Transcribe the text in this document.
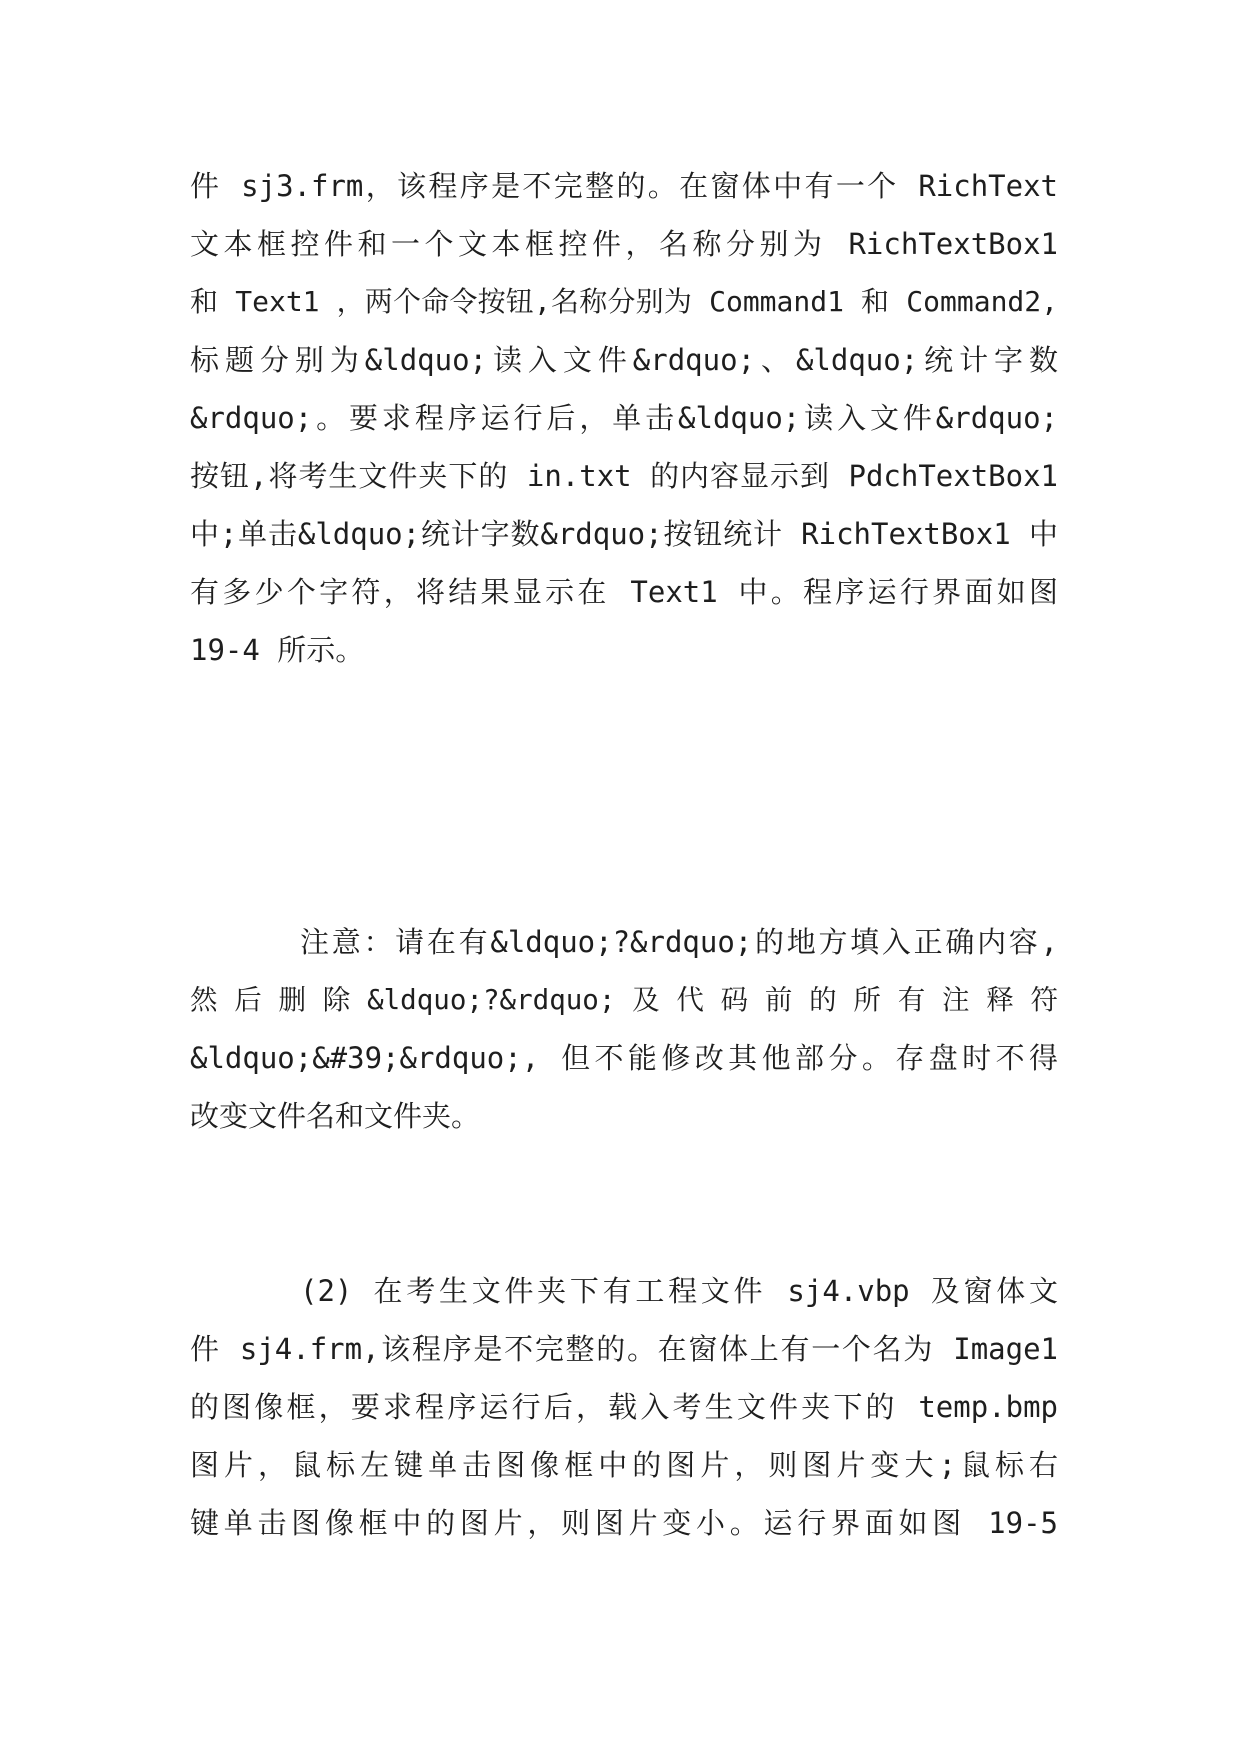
件 sj3.frm，该程序是不完整的。在窗体中有一个 RichText
文本框控件和一个文本框控件，名称分别为 RichTextBox1
和 Text1 ，两个命令按钮,名称分别为 Command1 和 Command2,
标题分别为&ldquo;读入文件&rdquo;、&ldquo;统计字数
&rdquo;。要求程序运行后，单击&ldquo;读入文件&rdquo;
按钮,将考生文件夹下的 in.txt 的内容显示到 PdchTextBox1
中;单击&ldquo;统计字数&rdquo;按钮统计 RichTextBox1 中
有多少个字符，将结果显示在 Text1 中。程序运行界面如图
19-4 所示。
注意：请在有&ldquo;?&rdquo;的地方填入正确内容,
然 后 删 除 &ldquo;?&rdquo; 及 代 码 前 的 所 有 注 释 符
&ldquo;&#39;&rdquo;, 但不能修改其他部分。存盘时不得
改变文件名和文件夹。
(2) 在考生文件夹下有工程文件 sj4.vbp 及窗体文
件 sj4.frm,该程序是不完整的。在窗体上有一个名为 Image1
的图像框，要求程序运行后，载入考生文件夹下的 temp.bmp
图片，鼠标左键单击图像框中的图片，则图片变大;鼠标右
键单击图像框中的图片，则图片变小。运行界面如图 19-5
